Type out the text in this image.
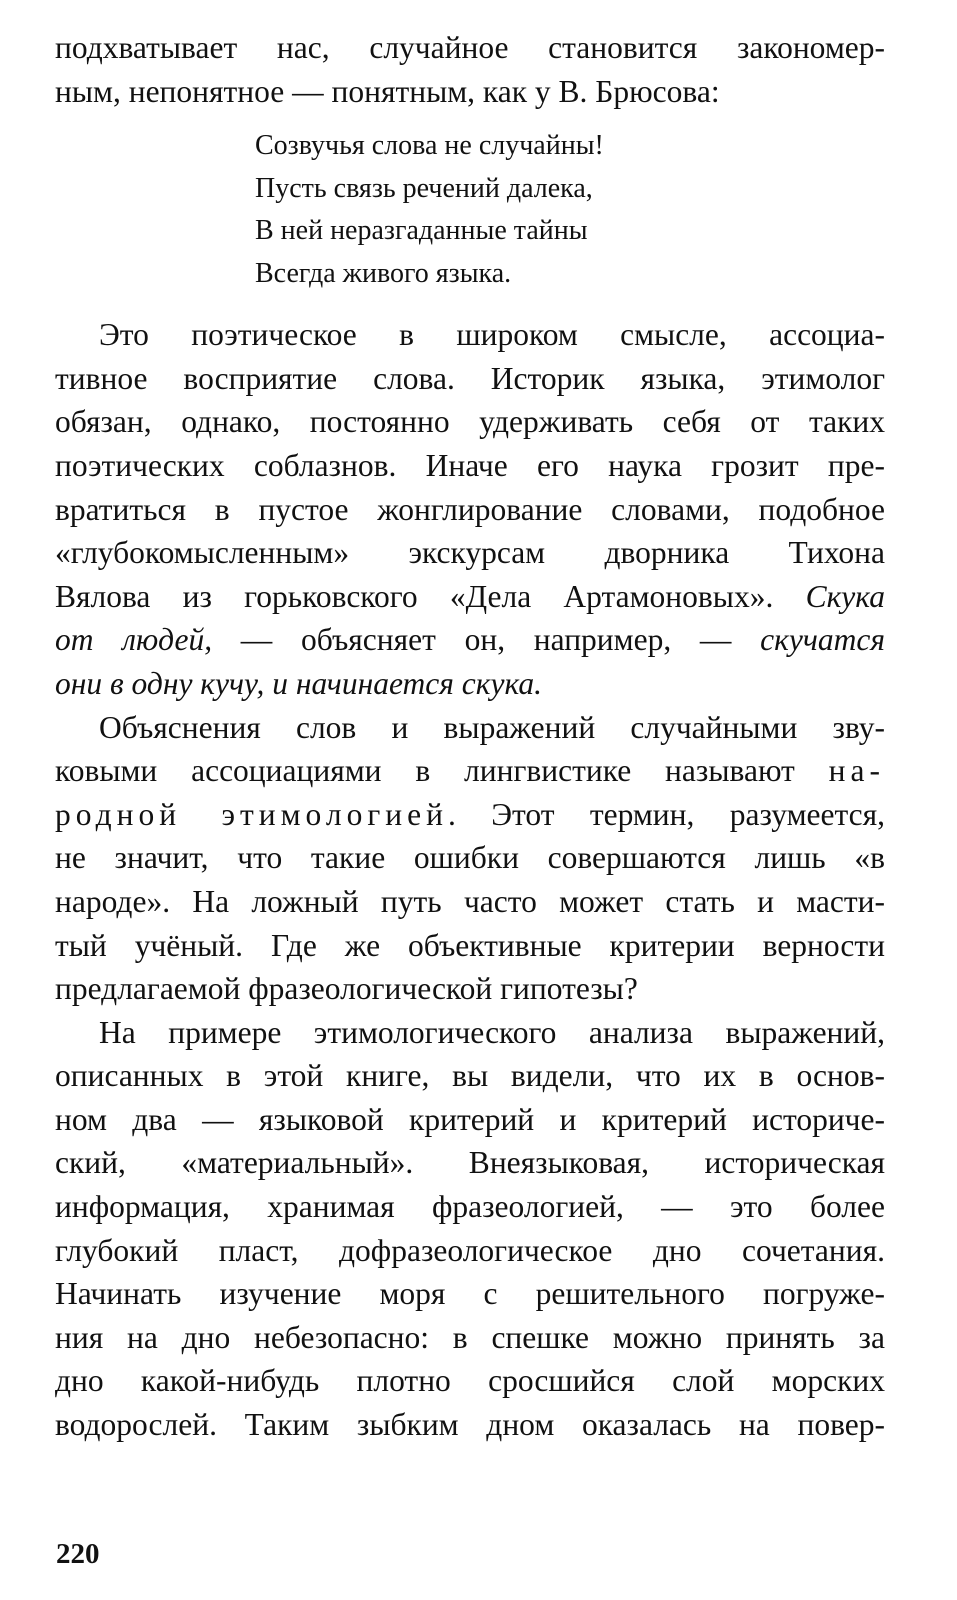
подхватывает нас, случайное становится закономер-
ным, непонятное — понятным, как у В. Брюсова:
Созвучья слова не случайны!
Пусть связь речений далека,
В ней неразгаданные тайны
Всегда живого языка.
Это поэтическое в широком смысле, ассоциа-
тивное восприятие слова. Историк языка, этимолог
обязан, однако, постоянно удерживать себя от таких
поэтических соблазнов. Иначе его наука грозит пре-
вратиться в пустое жонглирование словами, подобное
«глубокомысленным» экскурсам дворника Тихона
Вялова из горьковского «Дела Артамоновых». Скука
от людей, — объясняет он, например, — скучатся
они в одну кучу, и начинается скука.
Объяснения слов и выражений случайными зву-
ковыми ассоциациями в лингвистике называют на-
родной этимологией. Этот термин, разумеется,
не значит, что такие ошибки совершаются лишь «в
народе». На ложный путь часто может стать и масти-
тый учёный. Где же объективные критерии верности
предлагаемой фразеологической гипотезы?
На примере этимологического анализа выражений,
описанных в этой книге, вы видели, что их в основ-
ном два — языковой критерий и критерий историче-
ский, «материальный». Внеязыковая, историческая
информация, хранимая фразеологией, — это более
глубокий пласт, дофразеологическое дно сочетания.
Начинать изучение моря с решительного погруже-
ния на дно небезопасно: в спешке можно принять за
дно какой-нибудь плотно сросшийся слой морских
водорослей. Таким зыбким дном оказалась на повер-
220
